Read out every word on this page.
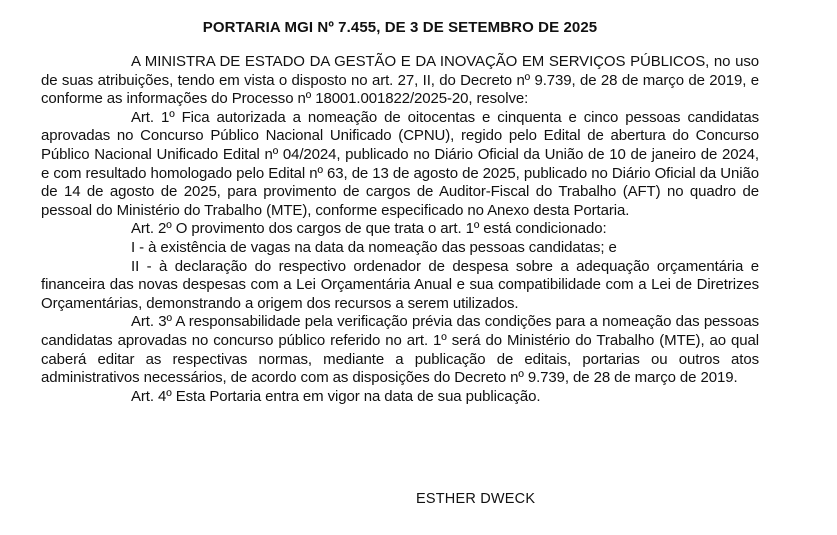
PORTARIA MGI Nº 7.455, DE 3 DE SETEMBRO DE 2025

A MINISTRA DE ESTADO DA GESTÃO E DA INOVAÇÃO EM SERVIÇOS PÚBLICOS, no uso de suas atribuições, tendo em vista o disposto no art. 27, II, do Decreto nº 9.739, de 28 de março de 2019, e conforme as informações do Processo nº 18001.001822/2025-20, resolve:

Art. 1º Fica autorizada a nomeação de oitocentas e cinquenta e cinco pessoas candidatas aprovadas no Concurso Público Nacional Unificado (CPNU), regido pelo Edital de abertura do Concurso Público Nacional Unificado Edital nº 04/2024, publicado no Diário Oficial da União de 10 de janeiro de 2024, e com resultado homologado pelo Edital nº 63, de 13 de agosto de 2025, publicado no Diário Oficial da União de 14 de agosto de 2025, para provimento de cargos de Auditor-Fiscal do Trabalho (AFT) no quadro de pessoal do Ministério do Trabalho (MTE), conforme especificado no Anexo desta Portaria.

Art. 2º O provimento dos cargos de que trata o art. 1º está condicionado:

I - à existência de vagas na data da nomeação das pessoas candidatas; e

II - à declaração do respectivo ordenador de despesa sobre a adequação orçamentária e financeira das novas despesas com a Lei Orçamentária Anual e sua compatibilidade com a Lei de Diretrizes Orçamentárias, demonstrando a origem dos recursos a serem utilizados.

Art. 3º A responsabilidade pela verificação prévia das condições para a nomeação das pessoas candidatas aprovadas no concurso público referido no art. 1º será do Ministério do Trabalho (MTE), ao qual caberá editar as respectivas normas, mediante a publicação de editais, portarias ou outros atos administrativos necessários, de acordo com as disposições do Decreto nº 9.739, de 28 de março de 2019.

Art. 4º Esta Portaria entra em vigor na data de sua publicação.

ESTHER DWECK
